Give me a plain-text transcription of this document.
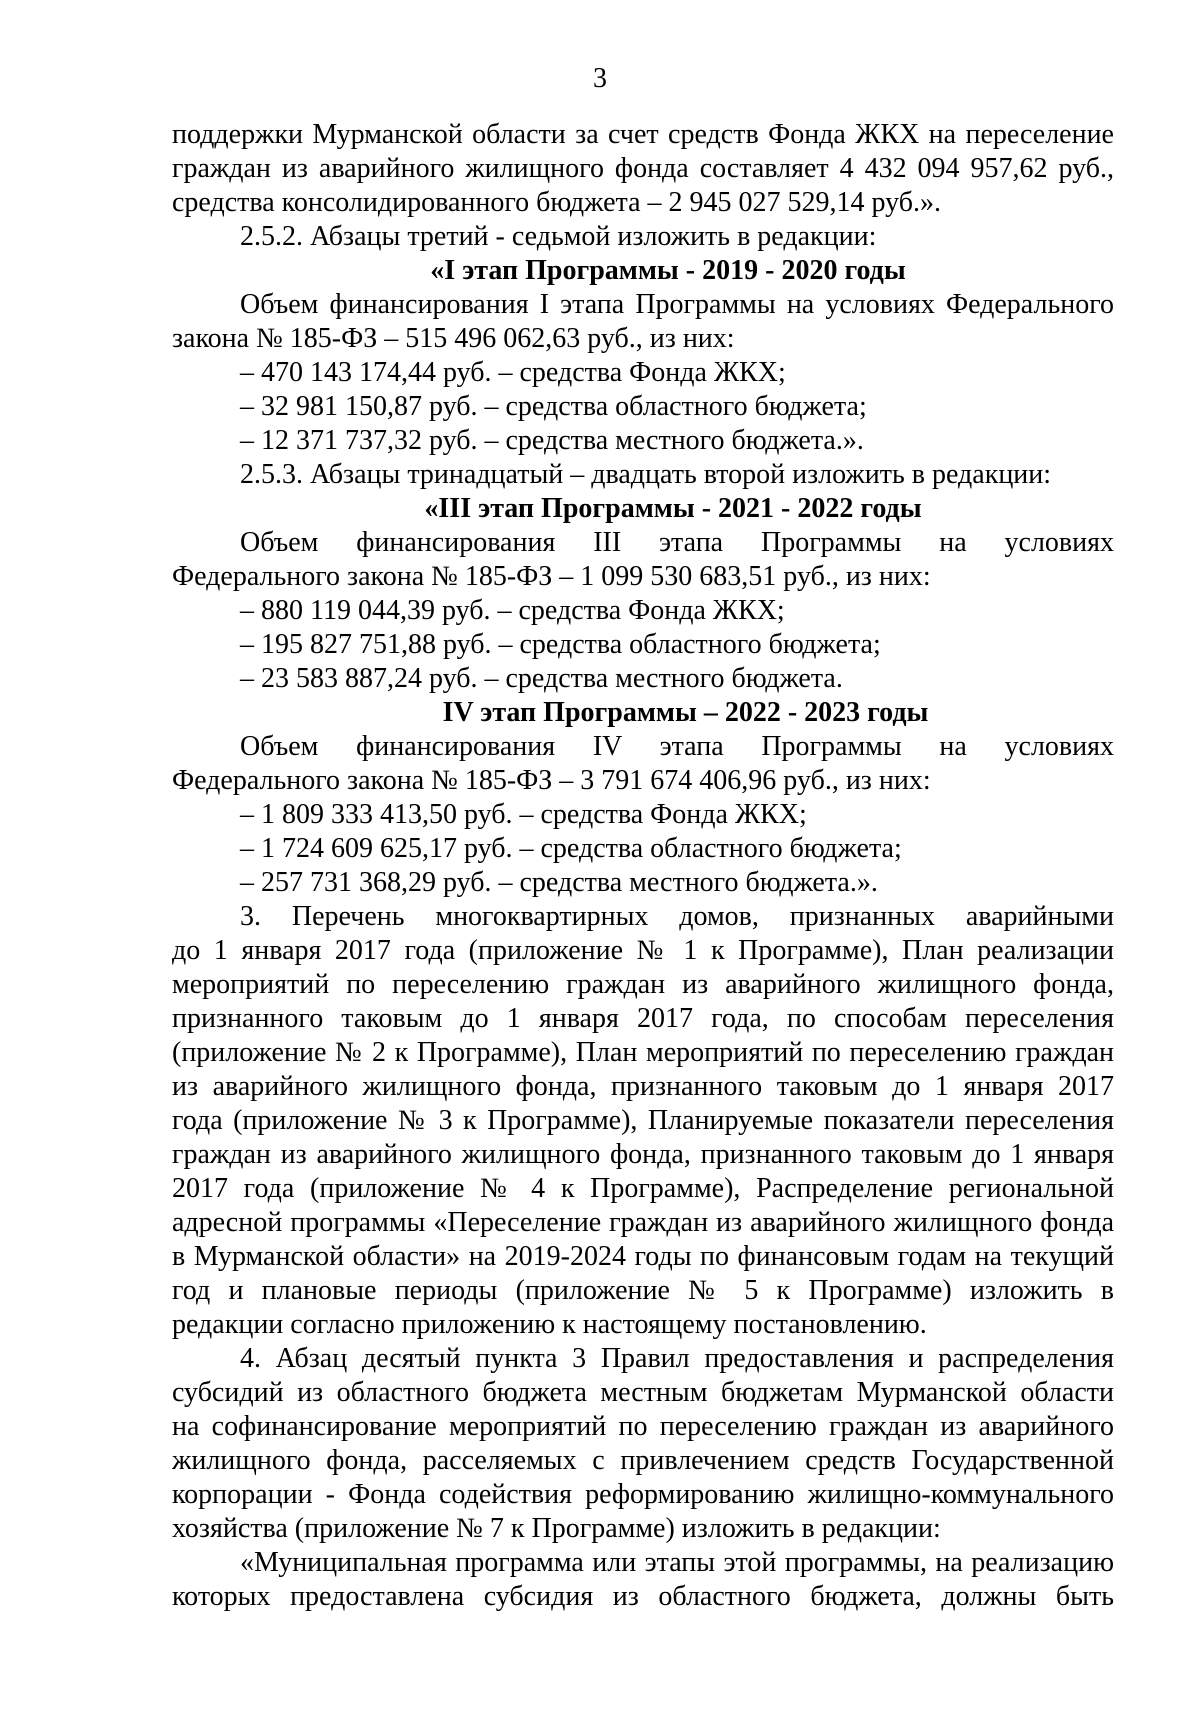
3
поддержки Мурманской области за счет средств Фонда ЖКХ на переселение
граждан из аварийного жилищного фонда составляет 4 432 094 957,62 руб.,
средства консолидированного бюджета – 2 945 027 529,14 руб.».
2.5.2. Абзацы третий - седьмой изложить в редакции:
«I этап Программы - 2019 - 2020 годы
Объем финансирования I этапа Программы на условиях Федерального
закона № 185-ФЗ – 515 496 062,63 руб., из них:
– 470 143 174,44 руб. – средства Фонда ЖКХ;
– 32 981 150,87 руб. – средства областного бюджета;
– 12 371 737,32 руб. – средства местного бюджета.».
2.5.3. Абзацы тринадцатый – двадцать второй изложить в редакции:
«III этап Программы - 2021 - 2022 годы
Объем финансирования III этапа Программы на условиях
Федерального закона № 185-ФЗ – 1 099 530 683,51 руб., из них:
– 880 119 044,39 руб. – средства Фонда ЖКХ;
– 195 827 751,88 руб. – средства областного бюджета;
– 23 583 887,24 руб. – средства местного бюджета.
IV этап Программы – 2022 - 2023 годы
Объем финансирования IV этапа Программы на условиях
Федерального закона № 185-ФЗ – 3 791 674 406,96 руб., из них:
– 1 809 333 413,50 руб. – средства Фонда ЖКХ;
– 1 724 609 625,17 руб. – средства областного бюджета;
– 257 731 368,29 руб. – средства местного бюджета.».
3. Перечень многоквартирных домов, признанных аварийными
до 1 января 2017 года (приложение № 1 к Программе), План реализации
мероприятий по переселению граждан из аварийного жилищного фонда,
признанного таковым до 1 января 2017 года, по способам переселения
(приложение № 2 к Программе), План мероприятий по переселению граждан
из аварийного жилищного фонда, признанного таковым до 1 января 2017
года (приложение № 3 к Программе), Планируемые показатели переселения
граждан из аварийного жилищного фонда, признанного таковым до 1 января
2017 года (приложение № 4 к Программе), Распределение региональной
адресной программы «Переселение граждан из аварийного жилищного фонда
в Мурманской области» на 2019-2024 годы по финансовым годам на текущий
год и плановые периоды (приложение № 5 к Программе) изложить в
редакции согласно приложению к настоящему постановлению.
4. Абзац десятый пункта 3 Правил предоставления и распределения
субсидий из областного бюджета местным бюджетам Мурманской области
на софинансирование мероприятий по переселению граждан из аварийного
жилищного фонда, расселяемых с привлечением средств Государственной
корпорации - Фонда содействия реформированию жилищно-коммунального
хозяйства (приложение № 7 к Программе) изложить в редакции:
«Муниципальная программа или этапы этой программы, на реализацию
которых предоставлена субсидия из областного бюджета, должны быть
